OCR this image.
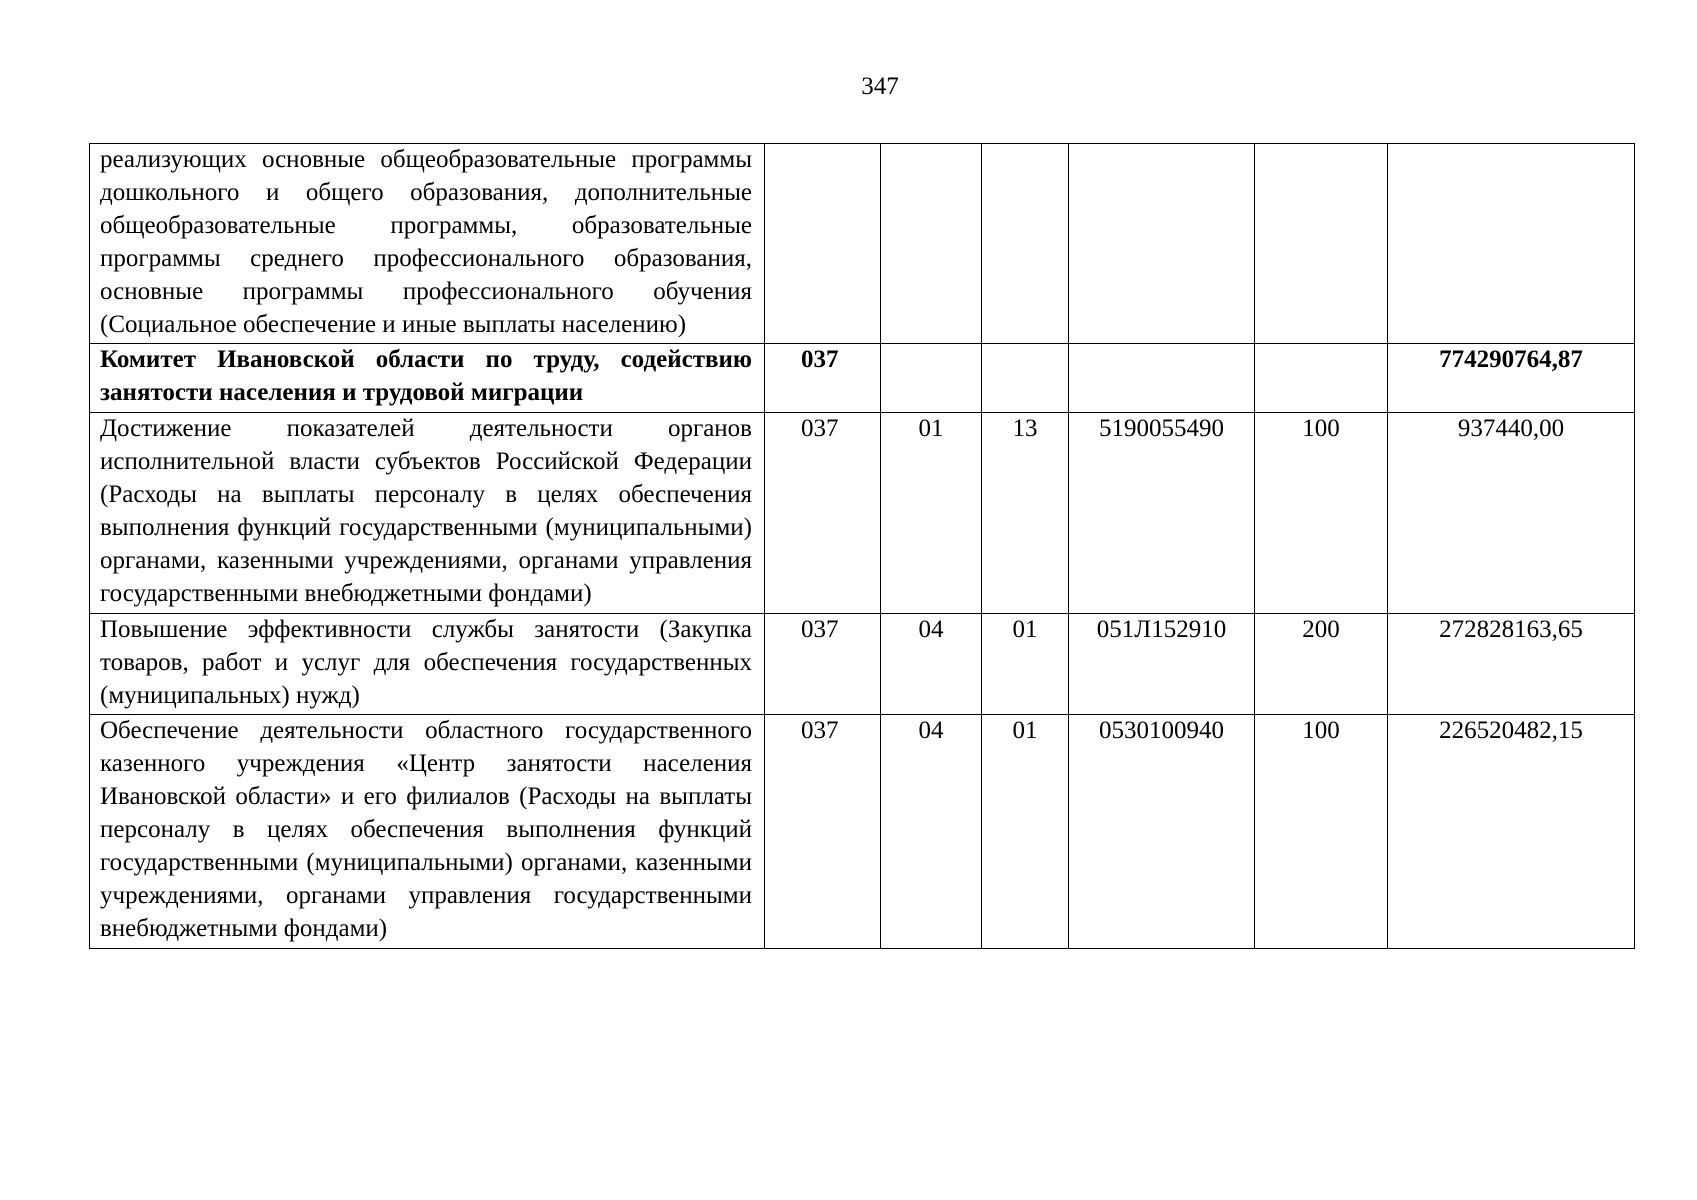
347
реализующих основные общеобразовательные программы дошкольного и общего образования, дополнительные общеобразовательные программы, образовательные программы среднего профессионального образования, основные программы профессионального обучения (Социальное обеспечение и иные выплаты населению)						
Комитет Ивановской области по труду, содействию занятости населения и трудовой миграции	037					774290764,87
Достижение показателей деятельности органов исполнительной власти субъектов Российской Федерации (Расходы на выплаты персоналу в целях обеспечения выполнения функций государственными (муниципальными) органами, казенными учреждениями, органами управления государственными внебюджетными фондами)	037	01	13	5190055490	100	937440,00
Повышение эффективности службы занятости (Закупка товаров, работ и услуг для обеспечения государственных (муниципальных) нужд)	037	04	01	051Л152910	200	272828163,65
Обеспечение деятельности областного государственного казенного учреждения «Центр занятости населения Ивановской области» и его филиалов (Расходы на выплаты персоналу в целях обеспечения выполнения функций государственными (муниципальными) органами, казенными учреждениями, органами управления государственными внебюджетными фондами)	037	04	01	0530100940	100	226520482,15
